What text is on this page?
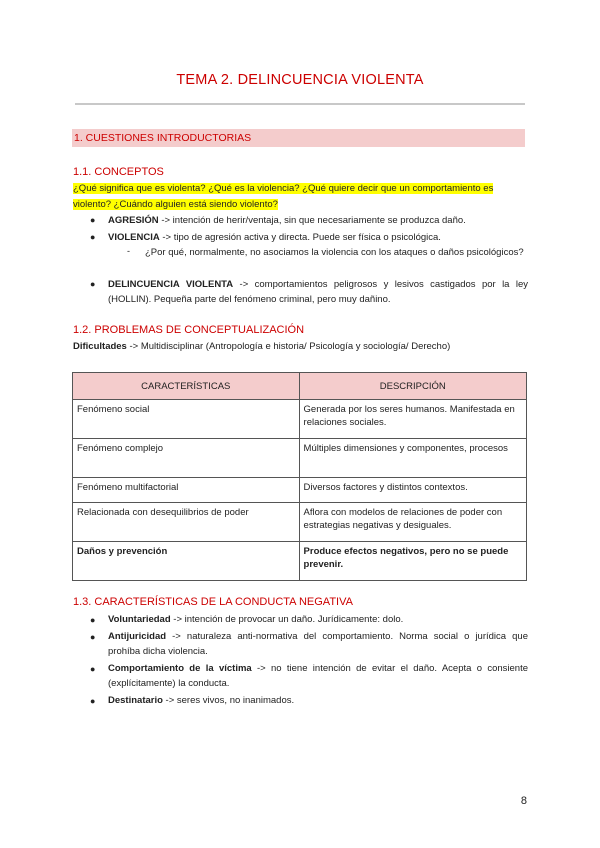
TEMA 2. DELINCUENCIA VIOLENTA
1. CUESTIONES INTRODUCTORIAS
1.1. CONCEPTOS
¿Qué significa que es violenta? ¿Qué es la violencia? ¿Qué quiere decir que un comportamiento es
violento? ¿Cuándo alguien está siendo violento?
● AGRESIÓN -> intención de herir/ventaja, sin que necesariamente se produzca daño.
● VIOLENCIA -> tipo de agresión activa y directa. Puede ser física o psicológica.
- ¿Por qué, normalmente, no asociamos la violencia con los ataques o daños psicológicos?
● DELINCUENCIA VIOLENTA -> comportamientos peligrosos y lesivos castigados por la ley (HOLLIN). Pequeña parte del fenómeno criminal, pero muy dañino.
1.2. PROBLEMAS DE CONCEPTUALIZACIÓN
Dificultades -> Multidisciplinar (Antropología e historia/ Psicología y sociología/ Derecho)
CARACTERÍSTICAS	DESCRIPCIÓN
Fenómeno social	Generada por los seres humanos. Manifestada en relaciones sociales.
Fenómeno complejo	Múltiples dimensiones y componentes, procesos
Fenómeno multifactorial	Diversos factores y distintos contextos.
Relacionada con desequilibrios de poder	Aflora con modelos de relaciones de poder con estrategias negativas y desiguales.
Daños y prevención	Produce efectos negativos, pero no se puede prevenir.
1.3. CARACTERÍSTICAS DE LA CONDUCTA NEGATIVA
● Voluntariedad -> intención de provocar un daño. Jurídicamente: dolo.
● Antijuricidad -> naturaleza anti-normativa del comportamiento. Norma social o jurídica que prohíba dicha violencia.
● Comportamiento de la víctima -> no tiene intención de evitar el daño. Acepta o consiente (explícitamente) la conducta.
● Destinatario -> seres vivos, no inanimados.
8
